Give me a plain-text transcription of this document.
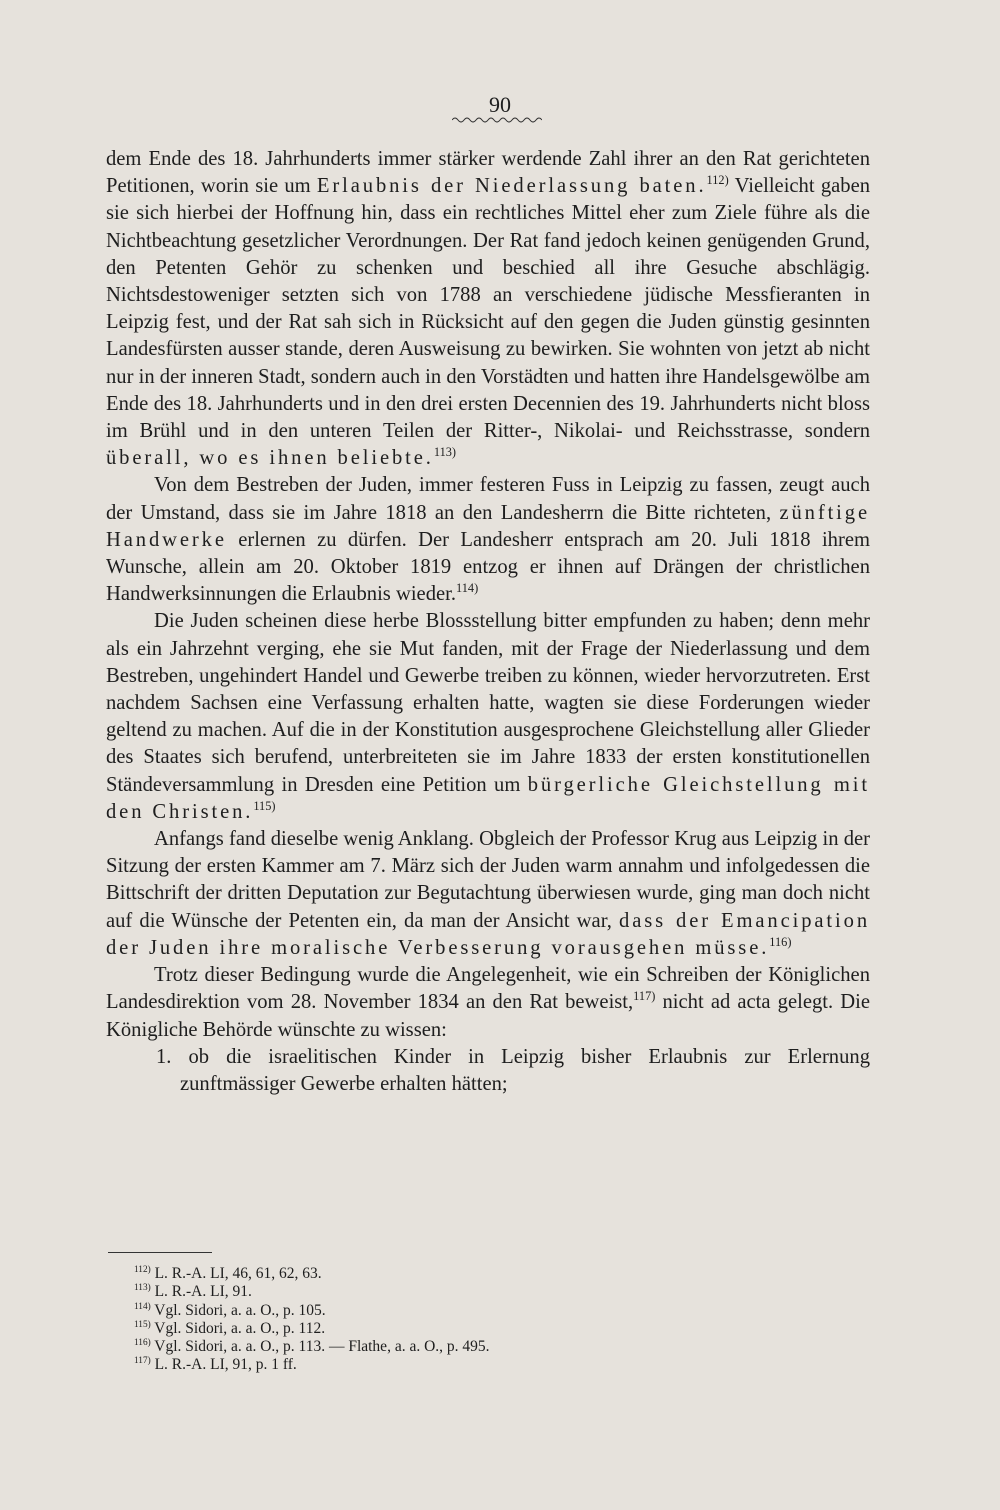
90

dem Ende des 18. Jahrhunderts immer stärker werdende Zahl ihrer an den Rat gerichteten Petitionen, worin sie um Erlaubnis der Niederlassung baten.$^{112)}$ Vielleicht gaben sie sich hierbei der Hoffnung hin, dass ein rechtliches Mittel eher zum Ziele führe als die Nichtbeachtung gesetzlicher Verordnungen. Der Rat fand jedoch keinen genügenden Grund, den Petenten Gehör zu schenken und beschied all ihre Gesuche abschlägig. Nichtsdestoweniger setzten sich von 1788 an verschiedene jüdische Messfieranten in Leipzig fest, und der Rat sah sich in Rücksicht auf den gegen die Juden günstig gesinnten Landesfürsten ausser stande, deren Ausweisung zu bewirken. Sie wohnten von jetzt ab nicht nur in der inneren Stadt, sondern auch in den Vorstädten und hatten ihre Handelsgewölbe am Ende des 18. Jahrhunderts und in den drei ersten Decennien des 19. Jahrhunderts nicht bloss im Brühl und in den unteren Teilen der Ritter-, Nikolai- und Reichsstrasse, sondern überall, wo es ihnen beliebte.$^{113)}$

Von dem Bestreben der Juden, immer festeren Fuss in Leipzig zu fassen, zeugt auch der Umstand, dass sie im Jahre 1818 an den Landesherrn die Bitte richteten, zünftige Handwerke erlernen zu dürfen. Der Landesherr entsprach am 20. Juli 1818 ihrem Wunsche, allein am 20. Oktober 1819 entzog er ihnen auf Drängen der christlichen Handwerksinnungen die Erlaubnis wieder.$^{114)}$

Die Juden scheinen diese herbe Blossstellung bitter empfunden zu haben; denn mehr als ein Jahrzehnt verging, ehe sie Mut fanden, mit der Frage der Niederlassung und dem Bestreben, ungehindert Handel und Gewerbe treiben zu können, wieder hervorzutreten. Erst nachdem Sachsen eine Verfassung erhalten hatte, wagten sie diese Forderungen wieder geltend zu machen. Auf die in der Konstitution ausgesprochene Gleichstellung aller Glieder des Staates sich berufend, unterbreiteten sie im Jahre 1833 der ersten konstitutionellen Ständeversammlung in Dresden eine Petition um bürgerliche Gleichstellung mit den Christen.$^{115)}$

Anfangs fand dieselbe wenig Anklang. Obgleich der Professor Krug aus Leipzig in der Sitzung der ersten Kammer am 7. März sich der Juden warm annahm und infolgedessen die Bittschrift der dritten Deputation zur Begutachtung überwiesen wurde, ging man doch nicht auf die Wünsche der Petenten ein, da man der Ansicht war, dass der Emancipation der Juden ihre moralische Verbesserung vorausgehen müsse.$^{116)}$

Trotz dieser Bedingung wurde die Angelegenheit, wie ein Schreiben der Königlichen Landesdirektion vom 28. November 1834 an den Rat beweist,$^{117)}$ nicht ad acta gelegt. Die Königliche Behörde wünschte zu wissen:

1. ob die israelitischen Kinder in Leipzig bisher Erlaubnis zur Erlernung zunftmässiger Gewerbe erhalten hätten;

$^{112)}$ L. R.-A. LI, 46, 61, 62, 63.
$^{113)}$ L. R.-A. LI, 91.
$^{114)}$ Vgl. Sidori, a. a. O., p. 105.
$^{115)}$ Vgl. Sidori, a. a. O., p. 112.
$^{116)}$ Vgl. Sidori, a. a. O., p. 113. — Flathe, a. a. O., p. 495.
$^{117)}$ L. R.-A. LI, 91, p. 1 ff.
